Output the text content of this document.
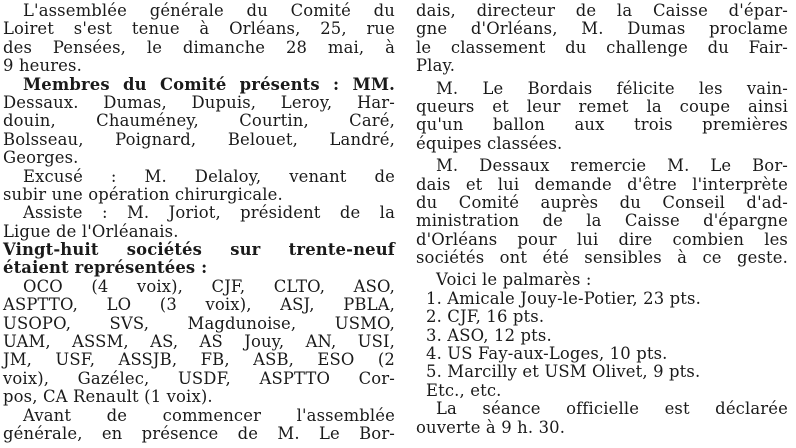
L'assemblée générale du Comité du
Loiret s'est tenue à Orléans, 25, rue
des Pensées, le dimanche 28 mai, à
9 heures.
Membres du Comité présents : MM.
Dessaux. Dumas, Dupuis, Leroy, Har-
douin, Chauméney, Courtin, Caré,
Bolsseau, Poignard, Belouet, Landré,
Georges.
Excusé : M. Delaloy, venant de
subir une opération chirurgicale.
Assiste : M. Joriot, président de la
Ligue de l'Orléanais.
Vingt-huit sociétés sur trente-neuf
étaient représentées :
OCO (4 voix), CJF, CLTO, ASO,
ASPTTO, LO (3 voix), ASJ, PBLA,
USOPO, SVS, Magdunoise, USMO,
UAM, ASSM, AS, AS Jouy, AN, USI,
JM, USF, ASSJB, FB, ASB, ESO (2
voix), Gazélec, USDF, ASPTTO Cor-
pos, CA Renault (1 voix).
Avant de commencer l'assemblée
générale, en présence de M. Le Bor-
dais, directeur de la Caisse d'épar-
gne d'Orléans, M. Dumas proclame
le classement du challenge du Fair-
Play.
M. Le Bordais félicite les vain-
queurs et leur remet la coupe ainsi
qu'un ballon aux trois premières
équipes classées.
M. Dessaux remercie M. Le Bor-
dais et lui demande d'être l'interprète
du Comité auprès du Conseil d'ad-
ministration de la Caisse d'épargne
d'Orléans pour lui dire combien les
sociétés ont été sensibles à ce geste.
Voici le palmarès :
1. Amicale Jouy-le-Potier, 23 pts.
2. CJF, 16 pts.
3. ASO, 12 pts.
4. US Fay-aux-Loges, 10 pts.
5. Marcilly et USM Olivet, 9 pts.
Etc., etc.
La séance officielle est déclarée
ouverte à 9 h. 30.
